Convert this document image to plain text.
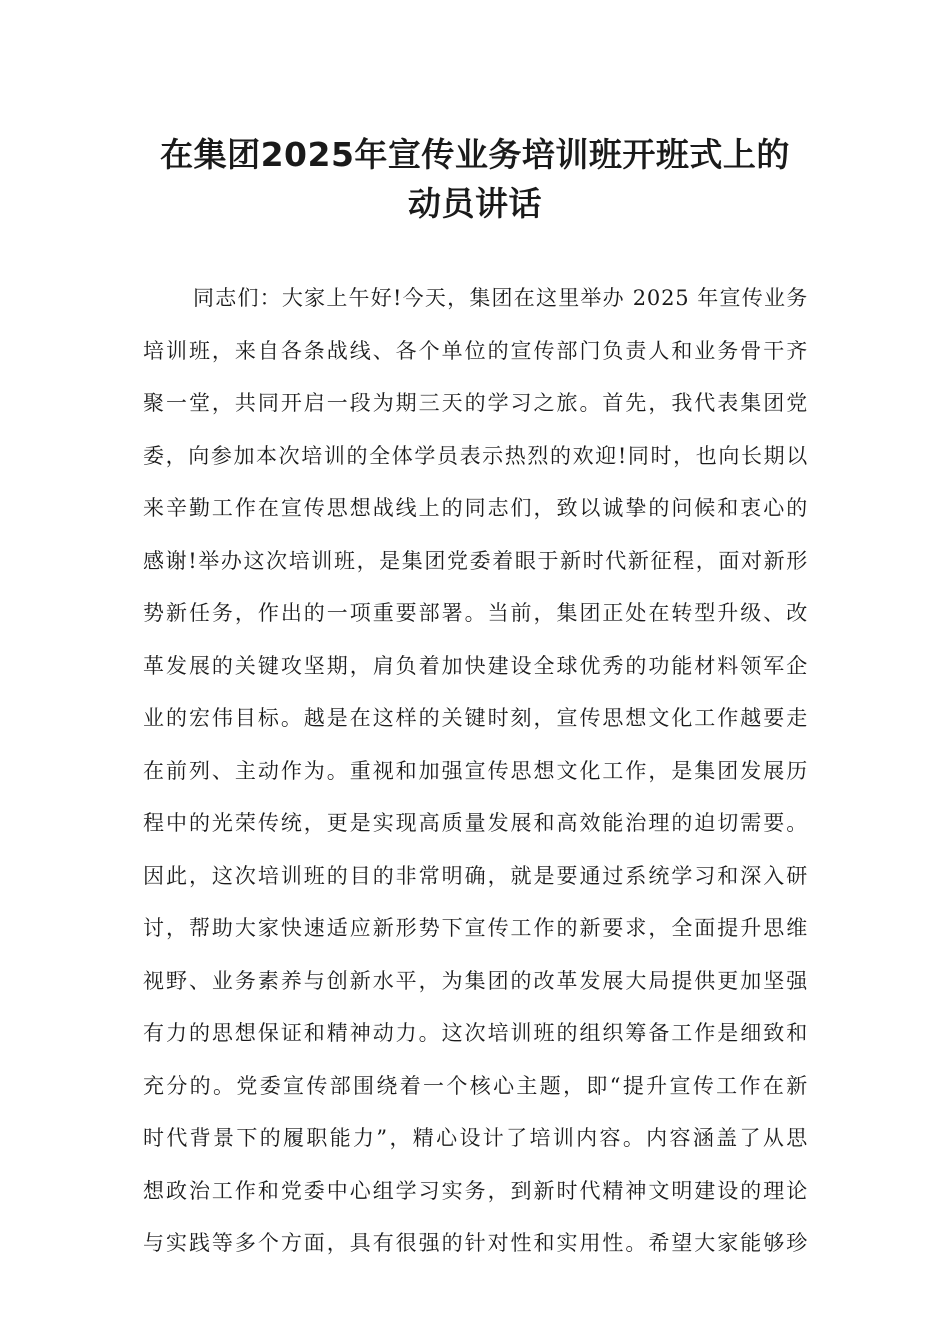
在集团2025年宣传业务培训班开班式上的
动员讲话
同志们：大家上午好!今天，集团在这里举办 2025 年宣传业务
培训班，来自各条战线、各个单位的宣传部门负责人和业务骨干齐
聚一堂，共同开启一段为期三天的学习之旅。首先，我代表集团党
委，向参加本次培训的全体学员表示热烈的欢迎!同时，也向长期以
来辛勤工作在宣传思想战线上的同志们，致以诚挚的问候和衷心的
感谢!举办这次培训班，是集团党委着眼于新时代新征程，面对新形
势新任务，作出的一项重要部署。当前，集团正处在转型升级、改
革发展的关键攻坚期，肩负着加快建设全球优秀的功能材料领军企
业的宏伟目标。越是在这样的关键时刻，宣传思想文化工作越要走
在前列、主动作为。重视和加强宣传思想文化工作，是集团发展历
程中的光荣传统，更是实现高质量发展和高效能治理的迫切需要。
因此，这次培训班的目的非常明确，就是要通过系统学习和深入研
讨，帮助大家快速适应新形势下宣传工作的新要求，全面提升思维
视野、业务素养与创新水平，为集团的改革发展大局提供更加坚强
有力的思想保证和精神动力。这次培训班的组织筹备工作是细致和
充分的。党委宣传部围绕着一个核心主题，即“提升宣传工作在新
时代背景下的履职能力”，精心设计了培训内容。内容涵盖了从思
想政治工作和党委中心组学习实务，到新时代精神文明建设的理论
与实践等多个方面，具有很强的针对性和实用性。希望大家能够珍
